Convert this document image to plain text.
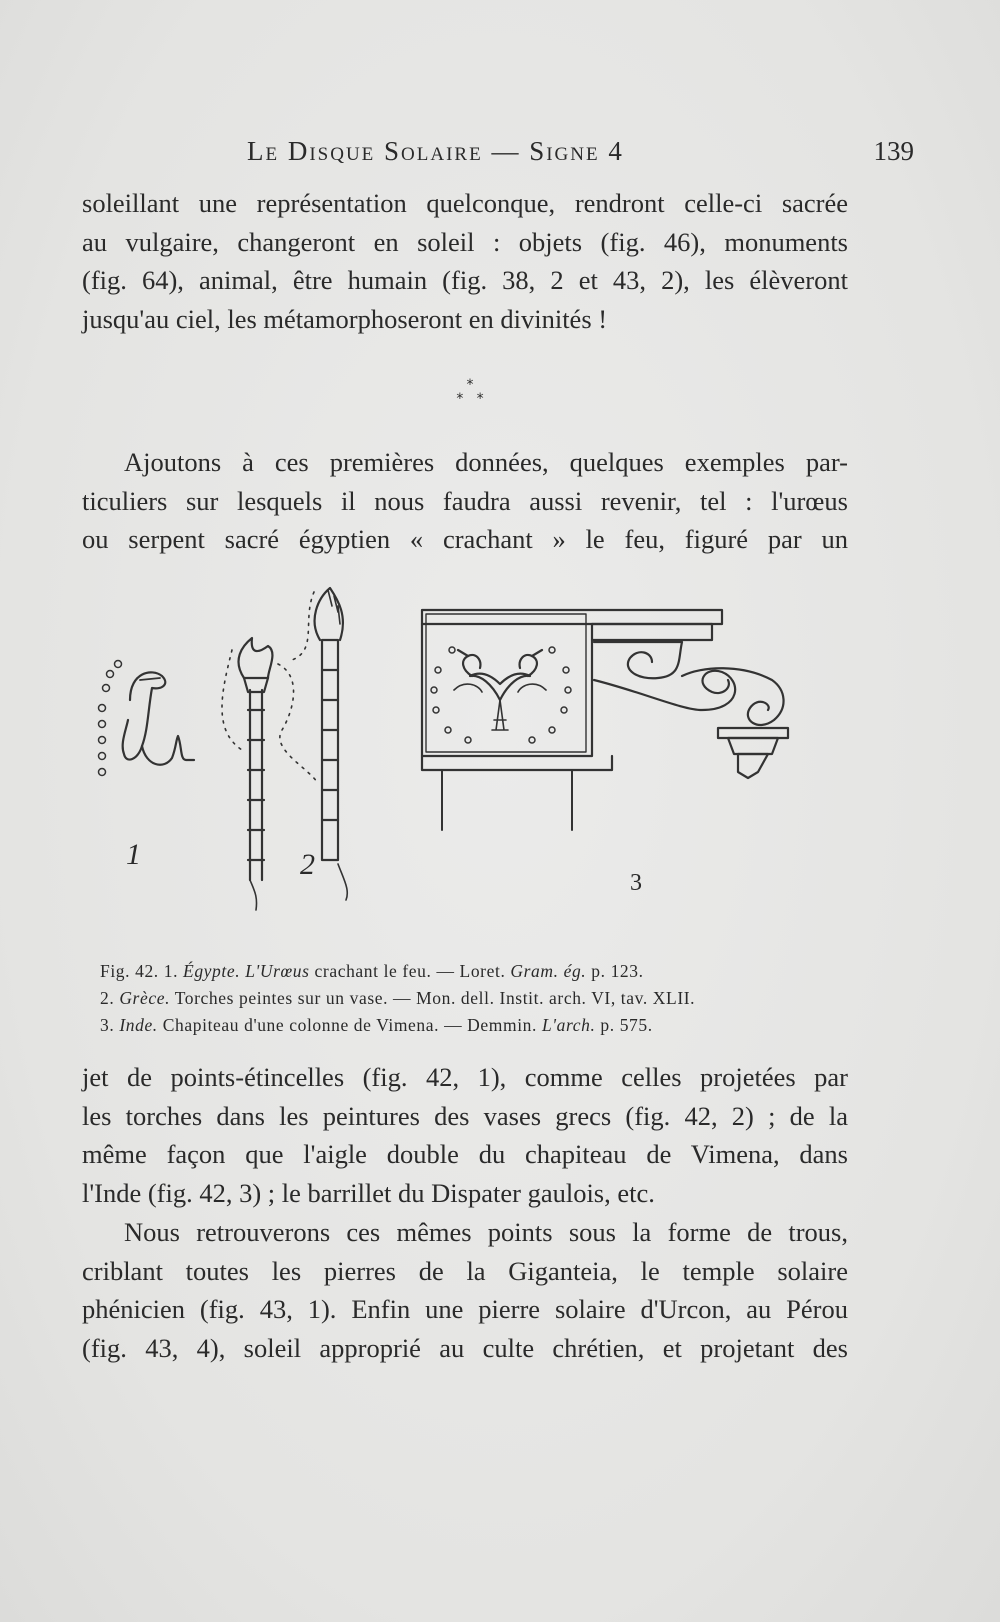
Le Disque Solaire — Signe 4	139
soleillant une représentation quelconque, rendront celle-ci sacrée
au vulgaire, changeront en soleil : objets (fig. 46), monuments
(fig. 64), animal, être humain (fig. 38, 2 et 43, 2), les élèveront
jusqu'au ciel, les métamorphoseront en divinités !
*
*   *
Ajoutons à ces premières données, quelques exemples par-
ticuliers sur lesquels il nous faudra aussi revenir, tel : l'urœus
ou serpent sacré égyptien « crachant » le feu, figuré par un
1	2
3
Fig. 42. 1. Égypte. L'Urœus crachant le feu. — Loret. Gram. ég. p. 123.
2. Grèce. Torches peintes sur un vase. — Mon. dell. Instit. arch. VI, tav. XLII.
3. Inde. Chapiteau d'une colonne de Vimena. — Demmin. L'arch. p. 575.
jet de points-étincelles (fig. 42, 1), comme celles projetées par
les torches dans les peintures des vases grecs (fig. 42, 2) ; de la
même façon que l'aigle double du chapiteau de Vimena, dans
l'Inde (fig. 42, 3) ; le barrillet du Dispater gaulois, etc.
Nous retrouverons ces mêmes points sous la forme de trous,
criblant toutes les pierres de la Giganteia, le temple solaire
phénicien (fig. 43, 1). Enfin une pierre solaire d'Urcon, au Pérou
(fig. 43, 4), soleil approprié au culte chrétien, et projetant des
